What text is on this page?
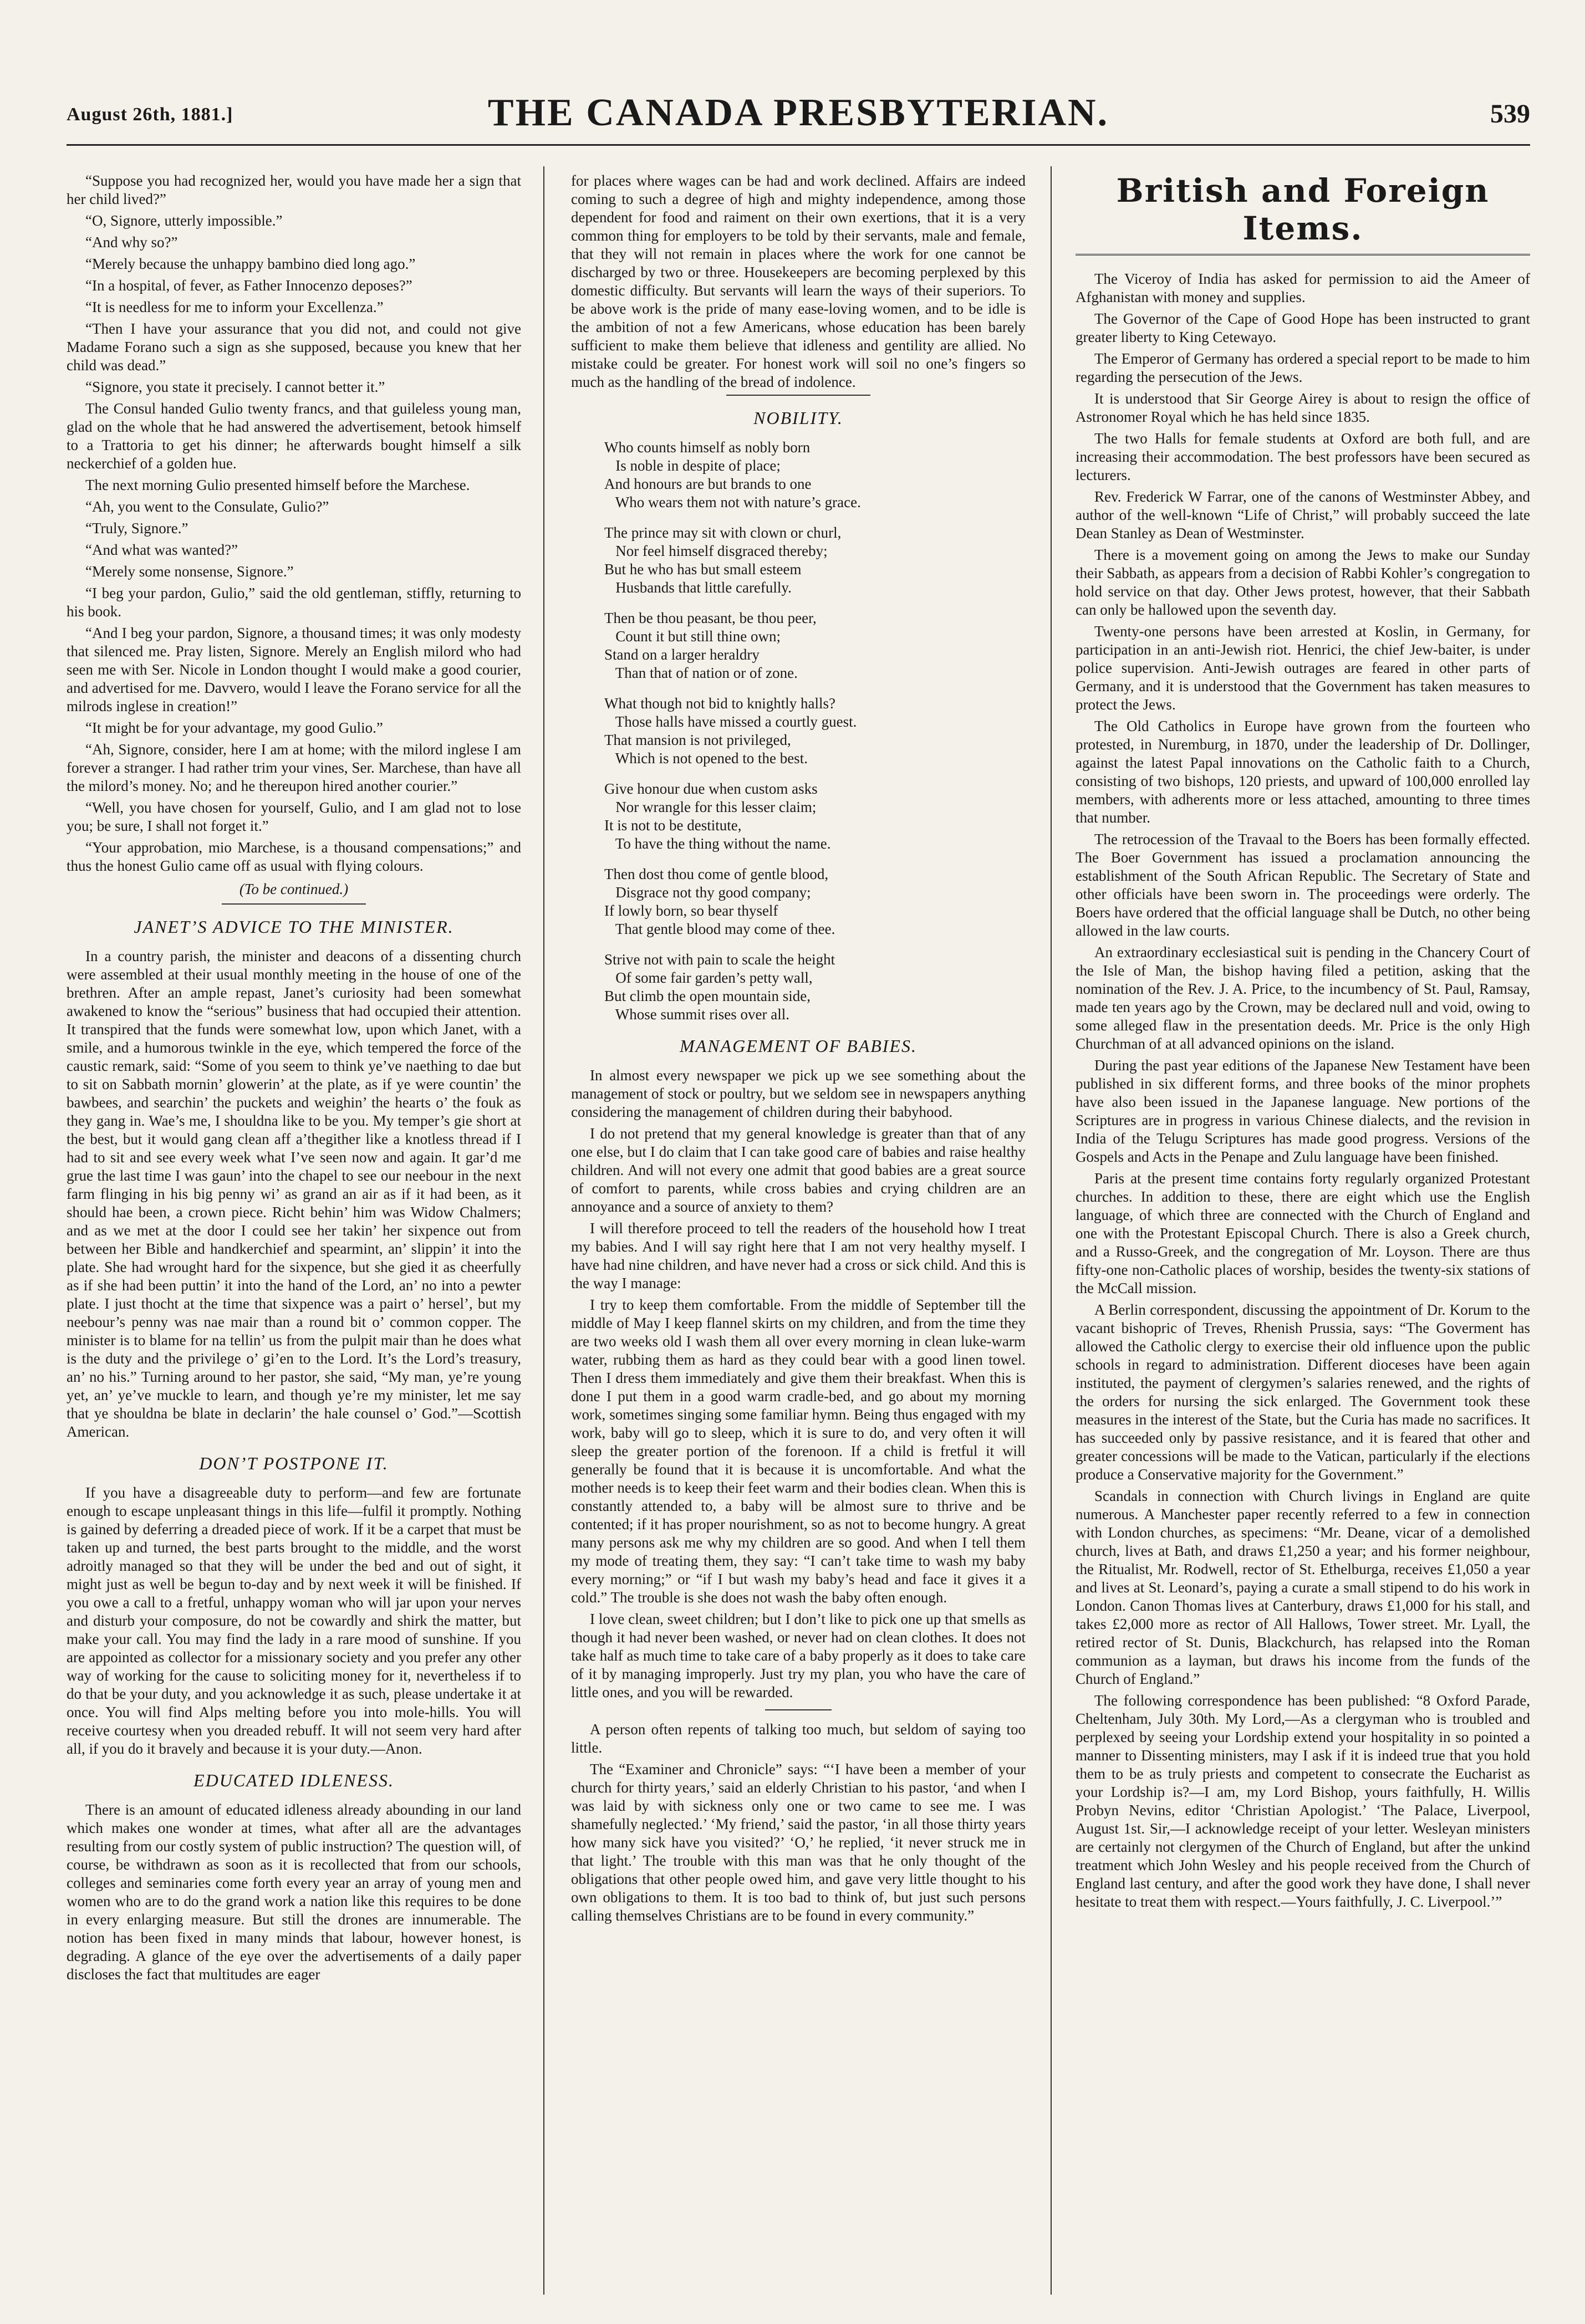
August 26th, 1881.]	THE CANADA PRESBYTERIAN.	539

“Suppose you had recognized her, would you have made her a sign that her child lived?”

“O, Signore, utterly impossible.”

“And why so?”

“Merely because the unhappy bambino died long ago.”

“In a hospital, of fever, as Father Innocenzo deposes?”

“It is needless for me to inform your Excellenza.”

“Then I have your assurance that you did not, and could not give Madame Forano such a sign as she supposed, because you knew that her child was dead.”

“Signore, you state it precisely. I cannot better it.”

The Consul handed Gulio twenty francs, and that guileless young man, glad on the whole that he had answered the advertisement, betook himself to a Trattoria to get his dinner; he afterwards bought himself a silk neckerchief of a golden hue.

The next morning Gulio presented himself before the Marchese.

“Ah, you went to the Consulate, Gulio?”

“Truly, Signore.”

“And what was wanted?”

“Merely some nonsense, Signore.”

“I beg your pardon, Gulio,” said the old gentleman, stiffly, returning to his book.

“And I beg your pardon, Signore, a thousand times; it was only modesty that silenced me. Pray listen, Signore. Merely an English milord who had seen me with Ser. Nicole in London thought I would make a good courier, and advertised for me. Davvero, would I leave the Forano service for all the milrods inglese in creation!”

“It might be for your advantage, my good Gulio.”

“Ah, Signore, consider, here I am at home; with the milord inglese I am forever a stranger. I had rather trim your vines, Ser. Marchese, than have all the milord’s money. No; and he thereupon hired another courier.”

“Well, you have chosen for yourself, Gulio, and I am glad not to lose you; be sure, I shall not forget it.”

“Your approbation, mio Marchese, is a thousand compensations;” and thus the honest Gulio came off as usual with flying colours.

(To be continued.)
JANET’S ADVICE TO THE MINISTER.

In a country parish, the minister and deacons of a dissenting church were assembled at their usual monthly meeting in the house of one of the brethren. After an ample repast, Janet’s curiosity had been somewhat awakened to know the “serious” business that had occupied their attention. It transpired that the funds were somewhat low, upon which Janet, with a smile, and a humorous twinkle in the eye, which tempered the force of the caustic remark, said: “Some of you seem to think ye’ve naething to dae but to sit on Sabbath mornin’ glowerin’ at the plate, as if ye were countin’ the bawbees, and searchin’ the puckets and weighin’ the hearts o’ the fouk as they gang in. Wae’s me, I shouldna like to be you. My temper’s gie short at the best, but it would gang clean aff a’thegither like a knotless thread if I had to sit and see every week what I’ve seen now and again. It gar’d me grue the last time I was gaun’ into the chapel to see our neebour in the next farm flinging in his big penny wi’ as grand an air as if it had been, as it should hae been, a crown piece. Richt behin’ him was Widow Chalmers; and as we met at the door I could see her takin’ her sixpence out from between her Bible and handkerchief and spearmint, an’ slippin’ it into the plate. She had wrought hard for the sixpence, but she gied it as cheerfully as if she had been puttin’ it into the hand of the Lord, an’ no into a pewter plate. I just thocht at the time that sixpence was a pairt o’ hersel’, but my neebour’s penny was nae mair than a round bit o’ common copper. The minister is to blame for na tellin’ us from the pulpit mair than he does what is the duty and the privilege o’ gi’en to the Lord. It’s the Lord’s treasury, an’ no his.” Turning around to her pastor, she said, “My man, ye’re young yet, an’ ye’ve muckle to learn, and though ye’re my minister, let me say that ye shouldna be blate in declarin’ the hale counsel o’ God.”—Scottish American.

DON’T POSTPONE IT.

If you have a disagreeable duty to perform—and few are fortunate enough to escape unpleasant things in this life—fulfil it promptly. Nothing is gained by deferring a dreaded piece of work. If it be a carpet that must be taken up and turned, the best parts brought to the middle, and the worst adroitly managed so that they will be under the bed and out of sight, it might just as well be begun to-day and by next week it will be finished. If you owe a call to a fretful, unhappy woman who will jar upon your nerves and disturb your composure, do not be cowardly and shirk the matter, but make your call. You may find the lady in a rare mood of sunshine. If you are appointed as collector for a missionary society and you prefer any other way of working for the cause to soliciting money for it, nevertheless if to do that be your duty, and you acknowledge it as such, please undertake it at once. You will find Alps melting before you into mole-hills. You will receive courtesy when you dreaded rebuff. It will not seem very hard after all, if you do it bravely and because it is your duty.—Anon.

EDUCATED IDLENESS.

There is an amount of educated idleness already abounding in our land which makes one wonder at times, what after all are the advantages resulting from our costly system of public instruction? The question will, of course, be withdrawn as soon as it is recollected that from our schools, colleges and seminaries come forth every year an array of young men and women who are to do the grand work a nation like this requires to be done in every enlarging measure. But still the drones are innumerable. The notion has been fixed in many minds that labour, however honest, is degrading. A glance of the eye over the advertisements of a daily paper discloses the fact that multitudes are eager

for places where wages can be had and work declined. Affairs are indeed coming to such a degree of high and mighty independence, among those dependent for food and raiment on their own exertions, that it is a very common thing for employers to be told by their servants, male and female, that they will not remain in places where the work for one cannot be discharged by two or three. Housekeepers are becoming perplexed by this domestic difficulty. But servants will learn the ways of their superiors. To be above work is the pride of many ease-loving women, and to be idle is the ambition of not a few Americans, whose education has been barely sufficient to make them believe that idleness and gentility are allied. No mistake could be greater. For honest work will soil no one’s fingers so much as the handling of the bread of indolence.

NOBILITY.
Who counts himself as nobly born
Is noble in despite of place;
And honours are but brands to one
Who wears them not with nature’s grace.
The prince may sit with clown or churl,
Nor feel himself disgraced thereby;
But he who has but small esteem
Husbands that little carefully.
Then be thou peasant, be thou peer,
Count it but still thine own;
Stand on a larger heraldry
Than that of nation or of zone.
What though not bid to knightly halls?
Those halls have missed a courtly guest.
That mansion is not privileged,
Which is not opened to the best.
Give honour due when custom asks
Nor wrangle for this lesser claim;
It is not to be destitute,
To have the thing without the name.
Then dost thou come of gentle blood,
Disgrace not thy good company;
If lowly born, so bear thyself
That gentle blood may come of thee.
Strive not with pain to scale the height
Of some fair garden’s petty wall,
But climb the open mountain side,
Whose summit rises over all.
MANAGEMENT OF BABIES.

In almost every newspaper we pick up we see something about the management of stock or poultry, but we seldom see in newspapers anything considering the management of children during their babyhood.

I do not pretend that my general knowledge is greater than that of any one else, but I do claim that I can take good care of babies and raise healthy children. And will not every one admit that good babies are a great source of comfort to parents, while cross babies and crying children are an annoyance and a source of anxiety to them?

I will therefore proceed to tell the readers of the household how I treat my babies. And I will say right here that I am not very healthy myself. I have had nine children, and have never had a cross or sick child. And this is the way I manage:

I try to keep them comfortable. From the middle of September till the middle of May I keep flannel skirts on my children, and from the time they are two weeks old I wash them all over every morning in clean luke-warm water, rubbing them as hard as they could bear with a good linen towel. Then I dress them immediately and give them their breakfast. When this is done I put them in a good warm cradle-bed, and go about my morning work, sometimes singing some familiar hymn. Being thus engaged with my work, baby will go to sleep, which it is sure to do, and very often it will sleep the greater portion of the forenoon. If a child is fretful it will generally be found that it is because it is uncomfortable. And what the mother needs is to keep their feet warm and their bodies clean. When this is constantly attended to, a baby will be almost sure to thrive and be contented; if it has proper nourishment, so as not to become hungry. A great many persons ask me why my children are so good. And when I tell them my mode of treating them, they say: “I can’t take time to wash my baby every morning;” or “if I but wash my baby’s head and face it gives it a cold.” The trouble is she does not wash the baby often enough.

I love clean, sweet children; but I don’t like to pick one up that smells as though it had never been washed, or never had on clean clothes. It does not take half as much time to take care of a baby properly as it does to take care of it by managing improperly. Just try my plan, you who have the care of little ones, and you will be rewarded.

A person often repents of talking too much, but seldom of saying too little.

The “Examiner and Chronicle” says: “‘I have been a member of your church for thirty years,’ said an elderly Christian to his pastor, ‘and when I was laid by with sickness only one or two came to see me. I was shamefully neglected.’ ‘My friend,’ said the pastor, ‘in all those thirty years how many sick have you visited?’ ‘O,’ he replied, ‘it never struck me in that light.’ The trouble with this man was that he only thought of the obligations that other people owed him, and gave very little thought to his own obligations to them. It is too bad to think of, but just such persons calling themselves Christians are to be found in every community.”

British and Foreign Items.

The Viceroy of India has asked for permission to aid the Ameer of Afghanistan with money and supplies.

The Governor of the Cape of Good Hope has been instructed to grant greater liberty to King Cetewayo.

The Emperor of Germany has ordered a special report to be made to him regarding the persecution of the Jews.

It is understood that Sir George Airey is about to resign the office of Astronomer Royal which he has held since 1835.

The two Halls for female students at Oxford are both full, and are increasing their accommodation. The best professors have been secured as lecturers.

Rev. Frederick W Farrar, one of the canons of Westminster Abbey, and author of the well-known “Life of Christ,” will probably succeed the late Dean Stanley as Dean of Westminster.

There is a movement going on among the Jews to make our Sunday their Sabbath, as appears from a decision of Rabbi Kohler’s congregation to hold service on that day. Other Jews protest, however, that their Sabbath can only be hallowed upon the seventh day.

Twenty-one persons have been arrested at Koslin, in Germany, for participation in an anti-Jewish riot. Henrici, the chief Jew-baiter, is under police supervision. Anti-Jewish outrages are feared in other parts of Germany, and it is understood that the Government has taken measures to protect the Jews.

The Old Catholics in Europe have grown from the fourteen who protested, in Nuremburg, in 1870, under the leadership of Dr. Dollinger, against the latest Papal innovations on the Catholic faith to a Church, consisting of two bishops, 120 priests, and upward of 100,000 enrolled lay members, with adherents more or less attached, amounting to three times that number.

The retrocession of the Travaal to the Boers has been formally effected. The Boer Government has issued a proclamation announcing the establishment of the South African Republic. The Secretary of State and other officials have been sworn in. The proceedings were orderly. The Boers have ordered that the official language shall be Dutch, no other being allowed in the law courts.

An extraordinary ecclesiastical suit is pending in the Chancery Court of the Isle of Man, the bishop having filed a petition, asking that the nomination of the Rev. J. A. Price, to the incumbency of St. Paul, Ramsay, made ten years ago by the Crown, may be declared null and void, owing to some alleged flaw in the presentation deeds. Mr. Price is the only High Churchman of at all advanced opinions on the island.

During the past year editions of the Japanese New Testament have been published in six different forms, and three books of the minor prophets have also been issued in the Japanese language. New portions of the Scriptures are in progress in various Chinese dialects, and the revision in India of the Telugu Scriptures has made good progress. Versions of the Gospels and Acts in the Penape and Zulu language have been finished.

Paris at the present time contains forty regularly organized Protestant churches. In addition to these, there are eight which use the English language, of which three are connected with the Church of England and one with the Protestant Episcopal Church. There is also a Greek church, and a Russo-Greek, and the congregation of Mr. Loyson. There are thus fifty-one non-Catholic places of worship, besides the twenty-six stations of the McCall mission.

A Berlin correspondent, discussing the appointment of Dr. Korum to the vacant bishopric of Treves, Rhenish Prussia, says: “The Goverment has allowed the Catholic clergy to exercise their old influence upon the public schools in regard to administration. Different dioceses have been again instituted, the payment of clergymen’s salaries renewed, and the rights of the orders for nursing the sick enlarged. The Government took these measures in the interest of the State, but the Curia has made no sacrifices. It has succeeded only by passive resistance, and it is feared that other and greater concessions will be made to the Vatican, particularly if the elections produce a Conservative majority for the Government.”

Scandals in connection with Church livings in England are quite numerous. A Manchester paper recently referred to a few in connection with London churches, as specimens: “Mr. Deane, vicar of a demolished church, lives at Bath, and draws £1,250 a year; and his former neighbour, the Ritualist, Mr. Rodwell, rector of St. Ethelburga, receives £1,050 a year and lives at St. Leonard’s, paying a curate a small stipend to do his work in London. Canon Thomas lives at Canterbury, draws £1,000 for his stall, and takes £2,000 more as rector of All Hallows, Tower street. Mr. Lyall, the retired rector of St. Dunis, Blackchurch, has relapsed into the Roman communion as a layman, but draws his income from the funds of the Church of England.”

The following correspondence has been published: “8 Oxford Parade, Cheltenham, July 30th. My Lord,—As a clergyman who is troubled and perplexed by seeing your Lordship extend your hospitality in so pointed a manner to Dissenting ministers, may I ask if it is indeed true that you hold them to be as truly priests and competent to consecrate the Eucharist as your Lordship is?—I am, my Lord Bishop, yours faithfully, H. Willis Probyn Nevins, editor ‘Christian Apologist.’ ‘The Palace, Liverpool, August 1st. Sir,—I acknowledge receipt of your letter. Wesleyan ministers are certainly not clergymen of the Church of England, but after the unkind treatment which John Wesley and his people received from the Church of England last century, and after the good work they have done, I shall never hesitate to treat them with respect.—Yours faithfully, J. C. Liverpool.’”
